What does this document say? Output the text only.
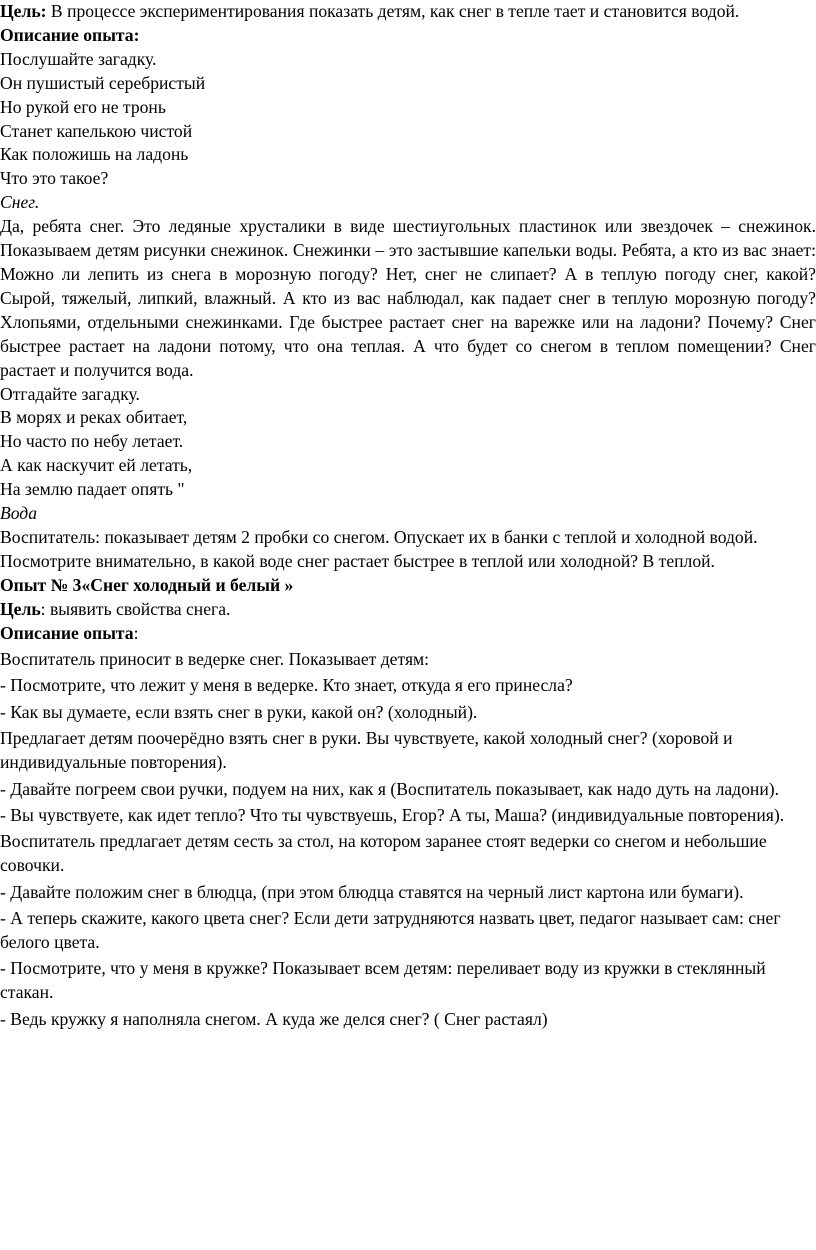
Цель: В процессе экспериментирования показать детям, как снег в тепле тает и становится водой.

Описание опыта:

Послушайте загадку.

Он пушистый серебристый

Но рукой его не тронь

Станет капелькою чистой

Как положишь на ладонь

Что это такое?

Снег.

Да, ребята снег. Это ледяные хрусталики в виде шестиугольных пластинок или звездочек – снежинок. Показываем детям рисунки снежинок. Снежинки – это застывшие капельки воды. Ребята, а кто из вас знает: Можно ли лепить из снега в морозную погоду? Нет, снег не слипает? А в теплую погоду снег, какой? Сырой, тяжелый, липкий, влажный. А кто из вас наблюдал, как падает снег в теплую морозную погоду? Хлопьями, отдельными снежинками. Где быстрее растает снег на варежке или на ладони? Почему? Снег быстрее растает на ладони потому, что она теплая. А что будет со снегом в теплом помещении? Снег растает и получится вода.

Отгадайте загадку.

В морях и реках обитает,

Но часто по небу летает.

А как наскучит ей летать,

На землю падает опять "

Вода

Воспитатель: показывает детям 2 пробки со снегом. Опускает их в банки с теплой и холодной водой.

Посмотрите внимательно, в какой воде снег растает быстрее в теплой или холодной? В теплой.

Опыт № 3«Снег холодный и белый »

Цель: выявить свойства снега.

Описание опыта:

Воспитатель приносит в ведерке снег. Показывает детям:

- Посмотрите, что лежит у меня в ведерке. Кто знает, откуда я его принесла?

- Как вы думаете, если взять снег в руки, какой он? (холодный).

Предлагает детям поочерёдно взять снег в руки. Вы чувствуете, какой холодный снег? (хоровой и индивидуальные повторения).

- Давайте погреем свои ручки, подуем на них, как я (Воспитатель показывает, как надо дуть на ладони).

- Вы чувствуете, как идет тепло? Что ты чувствуешь, Егор? А ты, Маша? (индивидуальные повторения).

Воспитатель предлагает детям сесть за стол, на котором заранее стоят ведерки со снегом и небольшие совочки.

- Давайте положим снег в блюдца, (при этом блюдца ставятся на черный лист картона или бумаги).

- А теперь скажите, какого цвета снег? Если дети затрудняются назвать цвет, педагог называет сам: снег белого цвета.

- Посмотрите, что у меня в кружке? Показывает всем детям: переливает воду из кружки в стеклянный стакан.

- Ведь кружку я наполняла снегом. А куда же делся снег? ( Снег растаял)
